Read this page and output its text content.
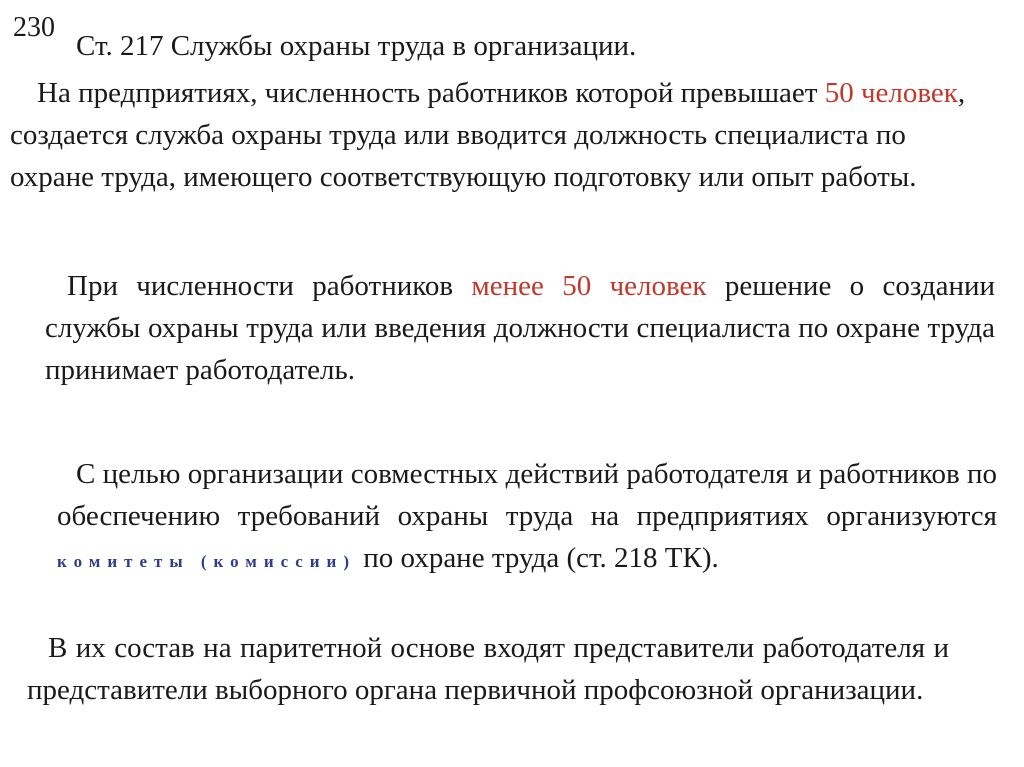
230
Ст. 217 Службы охраны труда в организации.

На предприятиях, численность работников которой превышает 50 человек, создается служба охраны труда или вводится должность специалиста по охране труда, имеющего соответствующую подготовку или опыт работы.

При численности работников менее 50 человек решение о создании службы охраны труда или введения должности специалиста по охране труда принимает работодатель.

С целью организации совместных действий работодателя и работников по обеспечению требований охраны труда на предприятиях организуются комитеты (комиссии) по охране труда (ст. 218 ТК).

В их состав на паритетной основе входят представители работодателя и представители выборного органа первичной профсоюзной организации.
